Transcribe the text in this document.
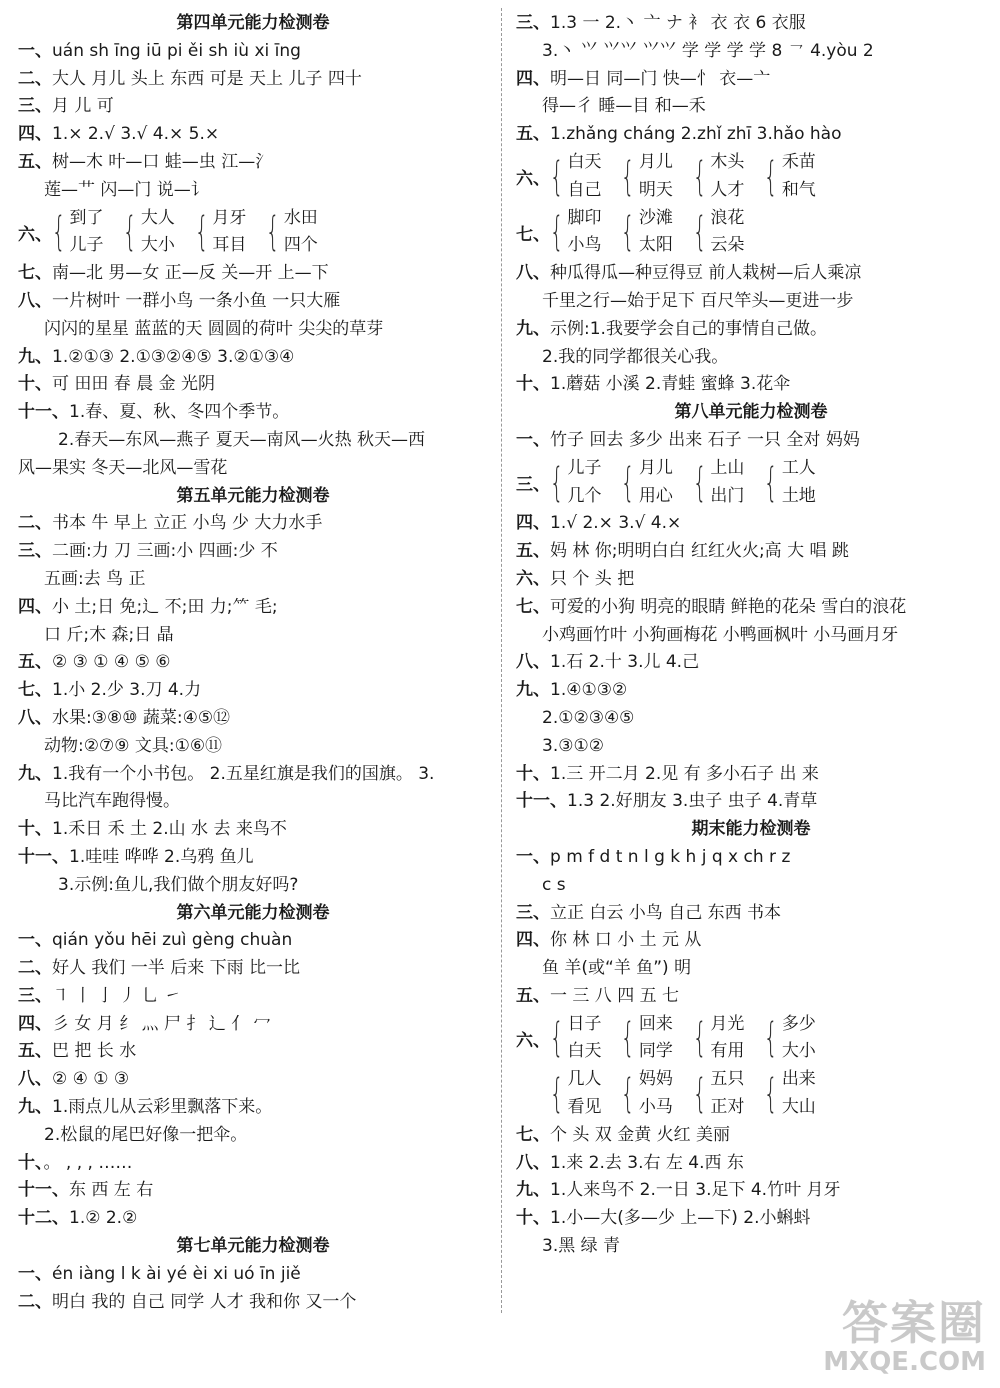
第四单元能力检测卷
一、uán sh īng iū pi ěi sh iù xi īng
二、大人 月儿 头上 东西 可是 天上 儿子 四十
三、月 儿 可
四、1.× 2.√ 3.√ 4.× 5.×
五、树—木 叶—口 蛙—虫 江—氵
莲—艹 闪—门 说—讠
六、 { 到了
儿子 { 大人
大小 { 月牙
耳目 { 水田
四个
七、南—北 男—女 正—反 关—开 上—下
八、一片树叶 一群小鸟 一条小鱼 一只大雁
闪闪的星星 蓝蓝的天 圆圆的荷叶 尖尖的草芽
九、1.②①③ 2.①③②④⑤ 3.②①③④
十、可 田田 春 晨 金 光阴
十一、1.春、夏、秋、冬四个季节。
2.春天—东风—燕子 夏天—南风—火热 秋天—西
风—果实 冬天—北风—雪花
第五单元能力检测卷
二、书本 牛 早上 立正 小鸟 少 大力水手
三、二画:力 刀 三画:小 四画:少 不
五画:去 鸟 正
四、小 土;日 免;辶 不;田 力;⺮ 毛;
口 斤;木 森;日 晶
五、② ③ ① ④ ⑤ ⑥
七、1.小 2.少 3.刀 4.力
八、水果:③⑧⑩ 蔬菜:④⑤⑫
动物:②⑦⑨ 文具:①⑥⑪
九、1.我有一个小书包。 2.五星红旗是我们的国旗。 3.
马比汽车跑得慢。
十、1.禾日 禾 土 2.山 水 去 来鸟不
十一、1.哇哇 哗哗 2.乌鸦 鱼儿
3.示例:鱼儿,我们做个朋友好吗?
第六单元能力检测卷
一、qián yǒu hēi zuì gèng chuàn
二、好人 我们 一半 后来 下雨 比一比
三、㇕ 丨 亅 丿 乚 ㇀
四、彡 女 月 纟 灬 尸 扌 辶 亻 冖
五、巴 把 长 水
八、② ④ ① ③
九、1.雨点儿从云彩里飘落下来。
2.松鼠的尾巴好像一把伞。
十、。 , , , ……
十一、东 西 左 右
十二、1.② 2.②
第七单元能力检测卷
一、én iàng l k ài yé èi xi uó īn jiě
二、明白 我的 自己 同学 人才 我和你 又一个
三、1.3 一 2.丶 亠 ナ 衤 衣 衣 6 衣服
3.丶 ⺍ ⺍⺍ ⺍⺍ 学 学 学 学 8 ㇖ 4.yòu 2
四、明—日 同—门 快—忄 衣—亠
得—彳 睡—目 和—禾
五、1.zhǎng cháng 2.zhǐ zhī 3.hǎo hào
六、 { 白天
自己 { 月儿
明天 { 木头
人才 { 禾苗
和气
七、 { 脚印
小鸟 { 沙滩
太阳 { 浪花
云朵
八、种瓜得瓜—种豆得豆 前人栽树—后人乘凉
千里之行—始于足下 百尺竿头—更进一步
九、示例:1.我要学会自己的事情自己做。
2.我的同学都很关心我。
十、1.蘑菇 小溪 2.青蛙 蜜蜂 3.花伞
第八单元能力检测卷
一、竹子 回去 多少 出来 石子 一只 全对 妈妈
三、 { 儿子
几个 { 月儿
用心 { 上山
出门 { 工人
土地
四、1.√ 2.× 3.√ 4.×
五、妈 林 你;明明白白 红红火火;高 大 唱 跳
六、只 个 头 把
七、可爱的小狗 明亮的眼睛 鲜艳的花朵 雪白的浪花
小鸡画竹叶 小狗画梅花 小鸭画枫叶 小马画月牙
八、1.石 2.十 3.儿 4.己
九、1.④①③②
2.①②③④⑤
3.③①②
十、1.三 开二月 2.见 有 多小石子 出 来
十一、1.3 2.好朋友 3.虫子 虫子 4.青草
期末能力检测卷
一、p m f d t n l g k h j q x ch r z
c s
三、立正 白云 小鸟 自己 东西 书本
四、你 林 口 小 土 元 从
鱼 羊(或“羊 鱼”) 明
五、一 三 八 四 五 七
六、 { 日子
白天 { 回来
同学 { 月光
有用 { 多少
大小
{ 几人
看见 { 妈妈
小马 { 五只
正对 { 出来
大山
七、个 头 双 金黄 火红 美丽
八、1.来 2.去 3.右 左 4.西 东
九、1.人来鸟不 2.一日 3.足下 4.竹叶 月牙
十、1.小—大(多—少 上—下) 2.小蝌蚪
3.黑 绿 青
答案圈
MXQE.COM
